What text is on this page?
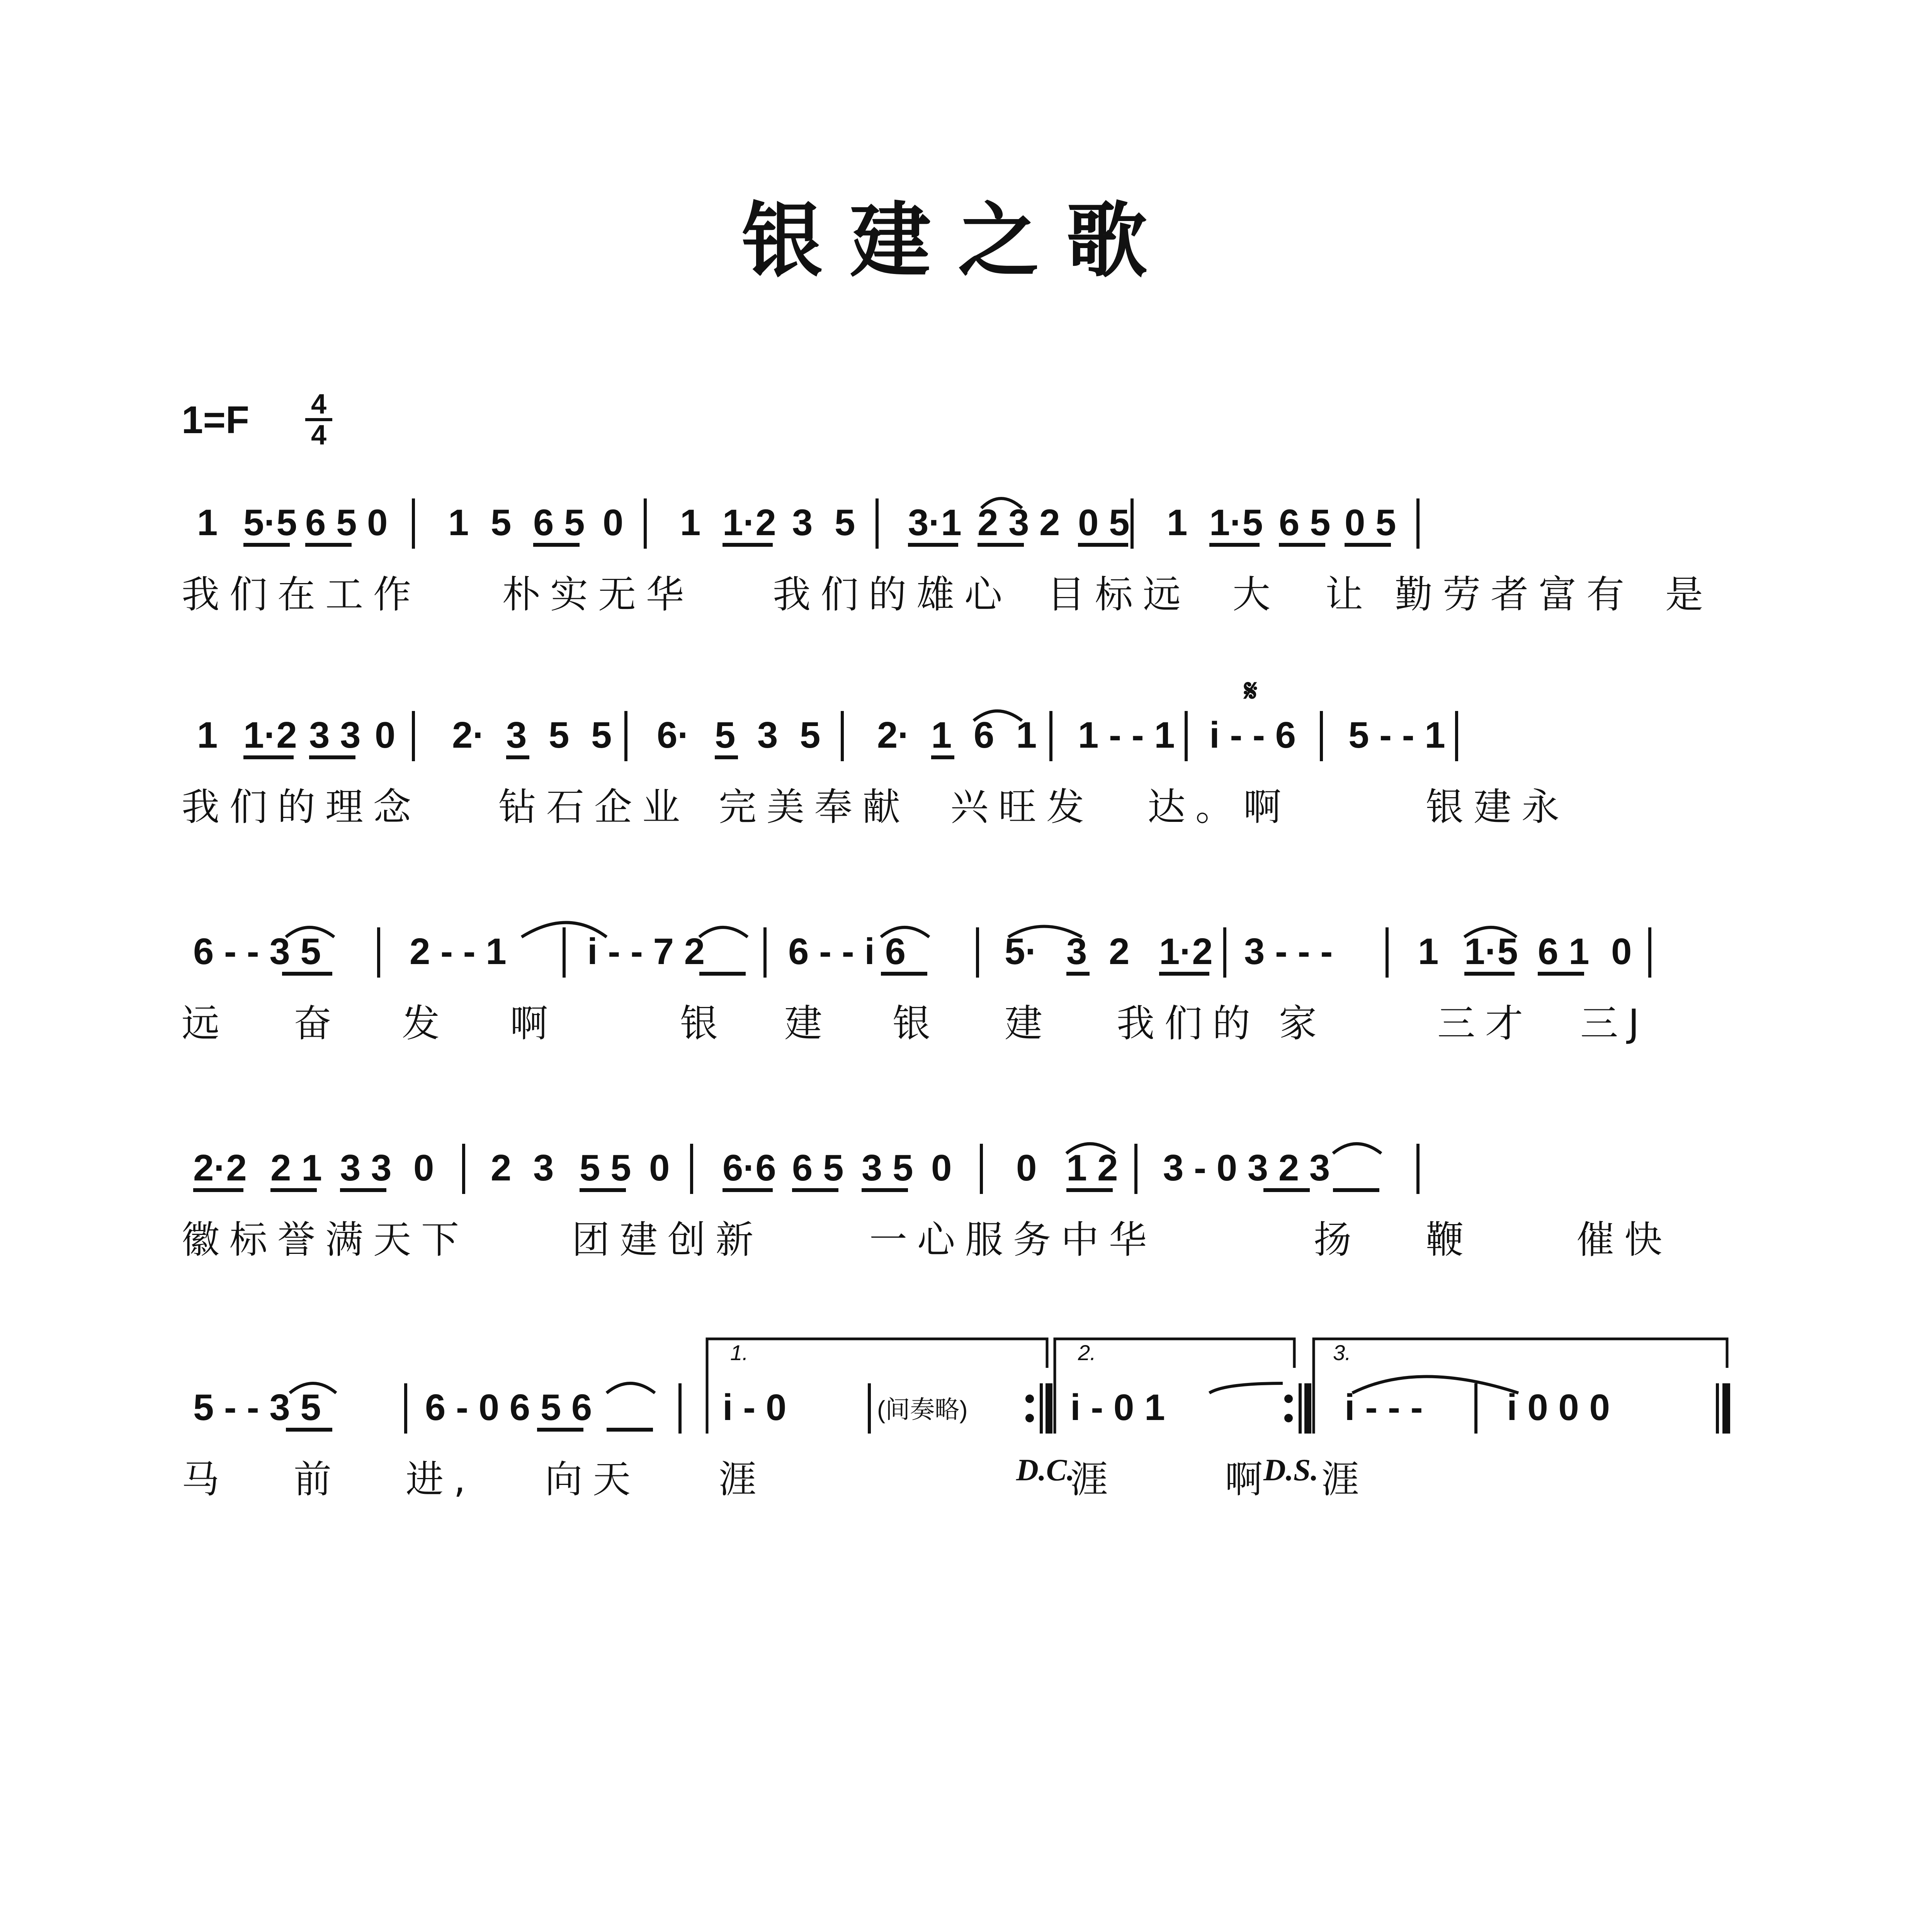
银建之歌
1=F 4
4
1 5·5 6 5 0 1 5 6 5 0 1 1·2 3 5 3·1 2 3 2 0 5 1 1·5 6 5 0 5
我们在工作 朴实无华 我们的雄心 目标远 大 让 勤劳者富有 是
1 1·2 3 3 0 2· 3 5 5 6· 5 3 5 2· 1 6 1 1 - - 1 i - - 6 5 - - 1
𝄋
我们的理念 钻石企业 完美奉献 兴旺发 达。啊	银建永
6 - - 3 5 2 - - 1 i - - 7 2 6 - - i 6	5· 3 2 1·2 3 - - - 1 1·5 6 1 0
远 奋 发 啊	银 建 银 建 我们的 家	三才 三J
2·2 2 1 3 3 0 2 3 5 5 0 6·6 6 5 3 5 0 0 1 2 3 - 0 3 2 3
徽标誉满天下	团建创新	一心服务中华	扬 鞭	催快
5 - - 3 5	6 - 0 6 5 6	i - 0	i - 0 1	i - - - i 0 0 0
(间奏略)
1.	2.	3.
马 前 进, 向天 涯	D.C.
涯	啊
D.S. 涯
